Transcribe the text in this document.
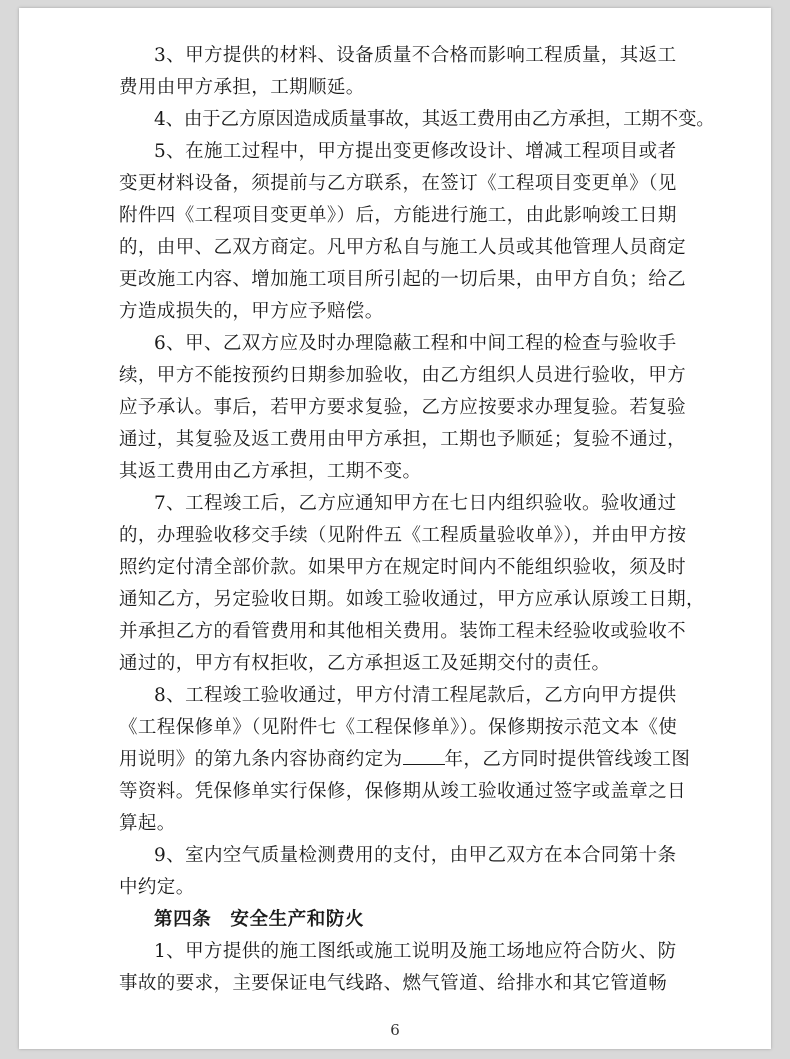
3、甲方提供的材料、设备质量不合格而影响工程质量，其返工
费用由甲方承担，工期顺延。

4、由于乙方原因造成质量事故，其返工费用由乙方承担，工期不变。

5、在施工过程中，甲方提出变更修改设计、增减工程项目或者
变更材料设备，须提前与乙方联系，在签订《工程项目变更单》（见
附件四《工程项目变更单》）后，方能进行施工，由此影响竣工日期
的，由甲、乙双方商定。凡甲方私自与施工人员或其他管理人员商定
更改施工内容、增加施工项目所引起的一切后果，由甲方自负；给乙
方造成损失的，甲方应予赔偿。

6、甲、乙双方应及时办理隐蔽工程和中间工程的检查与验收手
续，甲方不能按预约日期参加验收，由乙方组织人员进行验收，甲方
应予承认。事后，若甲方要求复验，乙方应按要求办理复验。若复验
通过，其复验及返工费用由甲方承担，工期也予顺延；复验不通过，
其返工费用由乙方承担，工期不变。

7、工程竣工后，乙方应通知甲方在七日内组织验收。验收通过
的，办理验收移交手续（见附件五《工程质量验收单》），并由甲方按
照约定付清全部价款。如果甲方在规定时间内不能组织验收，须及时
通知乙方，另定验收日期。如竣工验收通过，甲方应承认原竣工日期，
并承担乙方的看管费用和其他相关费用。装饰工程未经验收或验收不
通过的，甲方有权拒收，乙方承担返工及延期交付的责任。

8、工程竣工验收通过，甲方付清工程尾款后，乙方向甲方提供
《工程保修单》（见附件七《工程保修单》）。保修期按示范文本《使
用说明》的第九条内容协商约定为 年，乙方同时提供管线竣工图
等资料。凭保修单实行保修，保修期从竣工验收通过签字或盖章之日
算起。

9、室内空气质量检测费用的支付，由甲乙双方在本合同第十条
中约定。

第四条　安全生产和防火

1、甲方提供的施工图纸或施工说明及施工场地应符合防火、防
事故的要求，主要保证电气线路、燃气管道、给排水和其它管道畅

6
